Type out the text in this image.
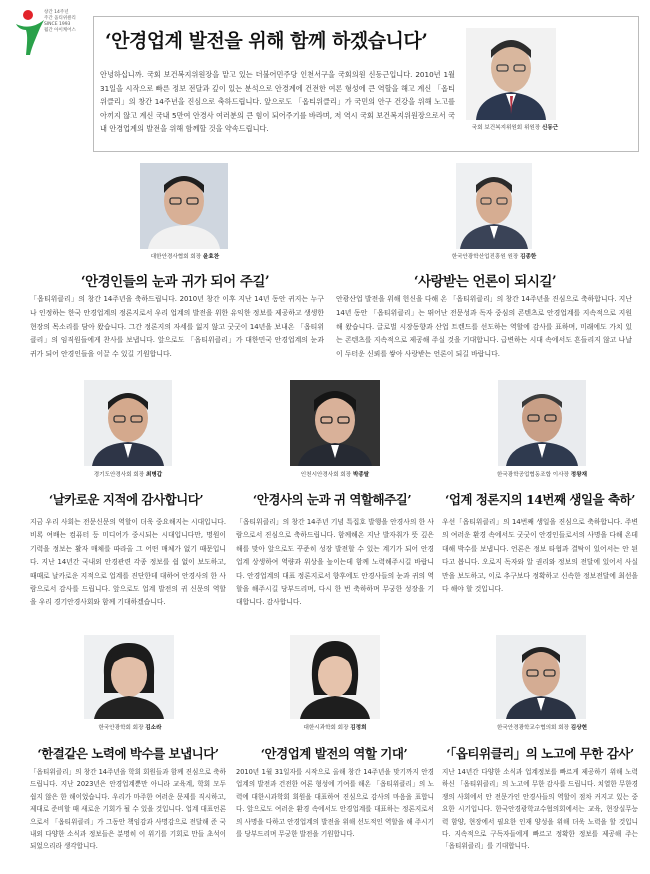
창간 14주년
주간 옵티위클리
SINCE 1993
월간 아이케어스 ‘안경업계 발전을 위해 함께 하겠습니다’
안녕하십니까. 국회 보건복지위원장을 맡고 있는 더불어민주당 인천서구을 국회의원 신동근입니다. 2010년 1월 31일을 시작으로 빠른 정보 전달과 깊이 있는 분석으로 안경계에 건전한 여론 형성에 큰 역할을 해고 계신 「옵티위클리」의 창간 14주년을 진심으로 축하드립니다. 앞으로도 「옵티위클리」가 국민의 안구 건강을 위해 노고를 아끼지 않고 계신 국내 5만여 안경사 여러분의 큰 힘이 되어주기를 바라며, 저 역시 국회 보건복지위원장으로서 국내 안경업계의 발전을 위해 함께할 것을 약속드립니다.	국회 보건복지위원회 위원장 신동근
대한안경사협회 회장 윤효찬	한국안광학산업진흥원 원장 김종한
‘안경인들의 눈과 귀가 되어 주길’	‘사랑받는 언론이 되시길’
「옵티위클리」의 창간 14주년을 축하드립니다. 2010년 창간 이후 지난 14년 동안 귀지는 누구나 인정하는 한국 안경업계의 정론지로서 우리 업계의 발전을 위한 유익한 정보를 제공하고 생생한 현장의 목소리를 담아 왔습니다. 그간 정론지의 자세를 잃지 않고 굿굿이 14년을 보내온 「옵티위클리」의 임직원들에게 찬사를 보냅니다. 앞으로도 「옵티위클리」가 대한민국 안경업계의 눈과 귀가 되어 안경인들을 이끌 수 있길 기원합니다.
안광산업 발전을 위해 헌신을 다해 온 「옵티위클리」의 창간 14주년을 진심으로 축하합니다. 지난 14년 동안 「옵티위클리」는 뛰어난 전문성과 독자 중심의 콘텐츠로 안경업계를 지속적으로 지원해 왔습니다. 글로벌 시장동향과 산업 트렌드를 선도하는 역할에 감사를 표하며, 미래에도 가치 있는 콘텐츠를 지속적으로 제공해 주실 것을 기대합니다. 급변하는 시대 속에서도 흔들리지 않고 나날이 두터운 신뢰를 쌓아 사랑받는 언론이 되길 바랍니다.
경기도안경사회 회장 최병갑	인천시안경사회 회장 박종탈	한국광학공업협동조합 이사장 정왕재
‘날카로운 지적에 감사합니다’	‘안경사의 눈과 귀 역할해주길’	‘업계 정론지의 14번째 생일을 축하’
지금 우리 사회는 전문신문의 역할이 더욱 중요해지는 시대입니다. 비록 여배는 컴퓨터 등 미디어가 중시되는 시대입니다만, 명원이 기력을 정보는 활자 매체를 따라올 그 어떤 매체가 없기 때문입니다. 지난 14년간 국내외 안경관련 각종 정보를 쉽 없이 보도하고, 때때로 날카로운 지적으로 업계를 진단한데 대하여 안경사의 한 사람으로서 감사를 드립니다. 앞으로도 업계 발전의 귀 신문의 역할을 우리 경기안경사회와 함께 기대하겠습니다.
「옵티위클리」의 창간 14주년 기념 특집호 발행을 안경사의 한 사람으로서 진심으로 축하드립니다. 함께해온 지난 발자취가 뜻 깊은 해를 맞아 앞으로도 꾸준히 성장 발전할 수 있는 계기가 되어 안경업계 상생하여 역량과 위상을 높이는데 함께 노력해주시길 바랍니다. 안경업계의 대표 정론지로서 향후에도 안경사들의 눈과 귀의 역할을 해주시길 당부드리며, 다시 한 번 축하하며 무궁한 성장을 기대합니다. 감사합니다.
우선「옵티위클리」의 14번째 생일을 진심으로 축하합니다. 주변의 여러운 환경 속에서도 굿굿이 안경인들로서의 사명을 다해 온데 대해 박수를 보냅니다. 언론은 정보 타협과 결탁이 있어서는 안 된다고 봅니다. 오로지 독자와 알 권리와 정보의 전달에 있어서 사실만을 보도하고, 이로 추구보다 정확하고 신속한 정보전달에 최선을 다 해야 할 것입니다.
한국안광학회 회장 김소라	대한시과학회 회장 김정희	한국안경광학교수협의회 회장 김상현
‘한결같은 노력에 박수를 보냅니다’	‘안경업계 발전의 역할 기대’	‘「옵티위클리」의 노고에 무한 감사’
「옵티위클리」의 창간 14주년을 학회 회원들과 함께 진심으로 축하드립니다. 지난 2023년은 안경업계뿐만 아니라 교육계, 학회 모두 쉽지 않은 한 해이었습니다. 우리가 마주한 여러운 문제를 직시하고, 제대로 준비할 때 새로운 기회가 될 수 있을 것입니다. 업계 대표언론으로서 「옵티위클리」가 그동안 책임감과 사명감으로 전달해 준 국내외 다양한 소식과 정보들은 분명히 이 위기를 기회로 만들 초석이 되었으리라 생각합니다.
2010년 1월 31일자를 시작으로 올해 창간 14주년을 맞기까지 안경업계의 발전과 건전한 여론 형성에 기여를 해온 「옵티위클리」의 노력에 대한시과학회 회원을 대표하여 진심으로 감사의 마음을 표합니다. 앞으로도 여러운 환경 속에서도 안경업계를 대표하는 정론지로서의 사명을 다하고 안경업계의 발전을 위해 선도적인 역할을 해 주시기를 당부드리며 무궁한 발전을 기원합니다.
지난 14년간 다양한 소식과 업계정보를 빠르게 제공하기 위해 노력하신 「옵티위클리」의 노고에 무한 감사를 드립니다. 치열한 무한경쟁의 사회에서 안 전문가인 안경사들의 역할이 점차 커지고 있는 중요한 시기입니다. 한국안경광학교수협의회에서는 교육, 현장실무능력 함양, 현장에서 필요한 인재 양성을 위해 더욱 노력을 할 것입니다. 지속적으로 구독자들에게 빠르고 정확한 정보를 제공해 주는 「옵티위클리」를 기대합니다.
